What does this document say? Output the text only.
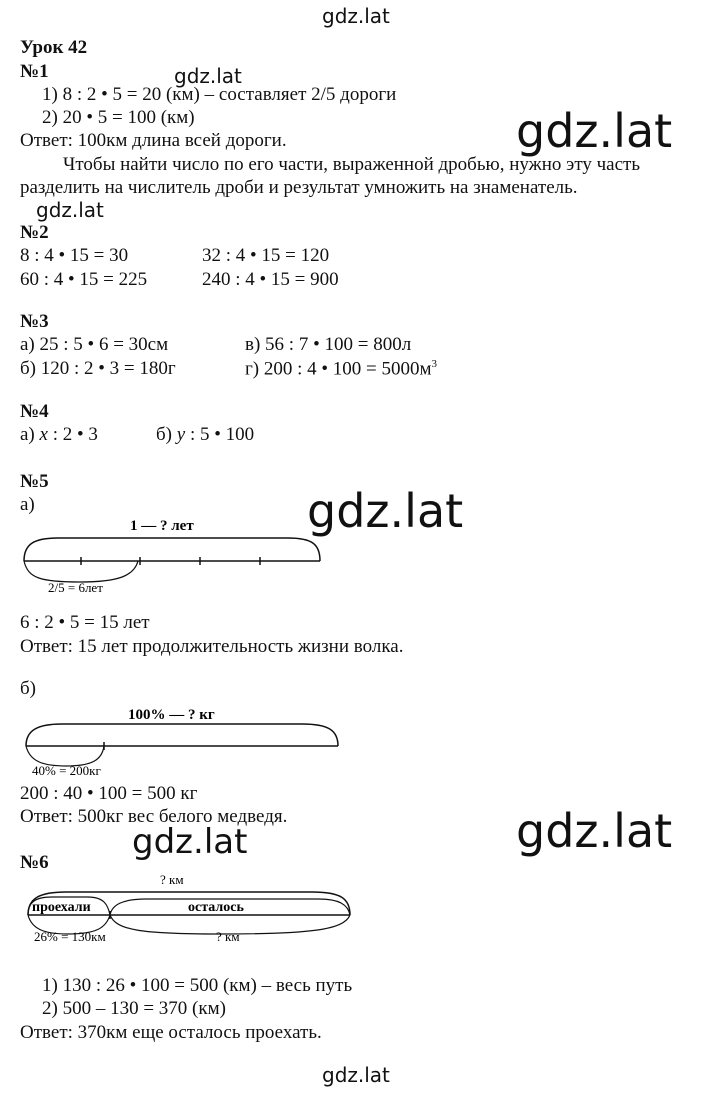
gdz.lat
gdz.lat
gdz.lat
gdz.lat
gdz.lat
gdz.lat
gdz.lat
gdz.lat
Урок 42
№1
1) 8 : 2 • 5 = 20 (км) – составляет 2/5 дороги
2) 20 • 5 = 100 (км)
Ответ: 100км длина всей дороги.
Чтобы найти число по его части, выраженной дробью, нужно эту часть
разделить на числитель дроби и результат умножить на знаменатель.
№2
8 : 4 • 15 = 30	32 : 4 • 15 = 120
60 : 4 • 15 = 225	240 : 4 • 15 = 900
№3
а) 25 : 5 • 6 = 30см	в) 56 : 7 • 100 = 800л
б) 120 : 2 • 3 = 180г	г) 200 : 4 • $100 = 5000м^3$
№4
а) x : 2 • 3	б) y : 5 • 100
№5
а)
1 — ? лет
2/5 = 6лет
100% — ? кг
40% = 200кг
? км
проехали	осталось
26% = 130км	? км
6 : 2 • 5 = 15 лет
Ответ: 15 лет продолжительность жизни волка.
б)
200 : 40 • 100 = 500 кг
Ответ: 500кг вес белого медведя.
№6
1) 130 : 26 • 100 = 500 (км) – весь путь
2) 500 – 130 = 370 (км)
Ответ: 370км еще осталось проехать.
